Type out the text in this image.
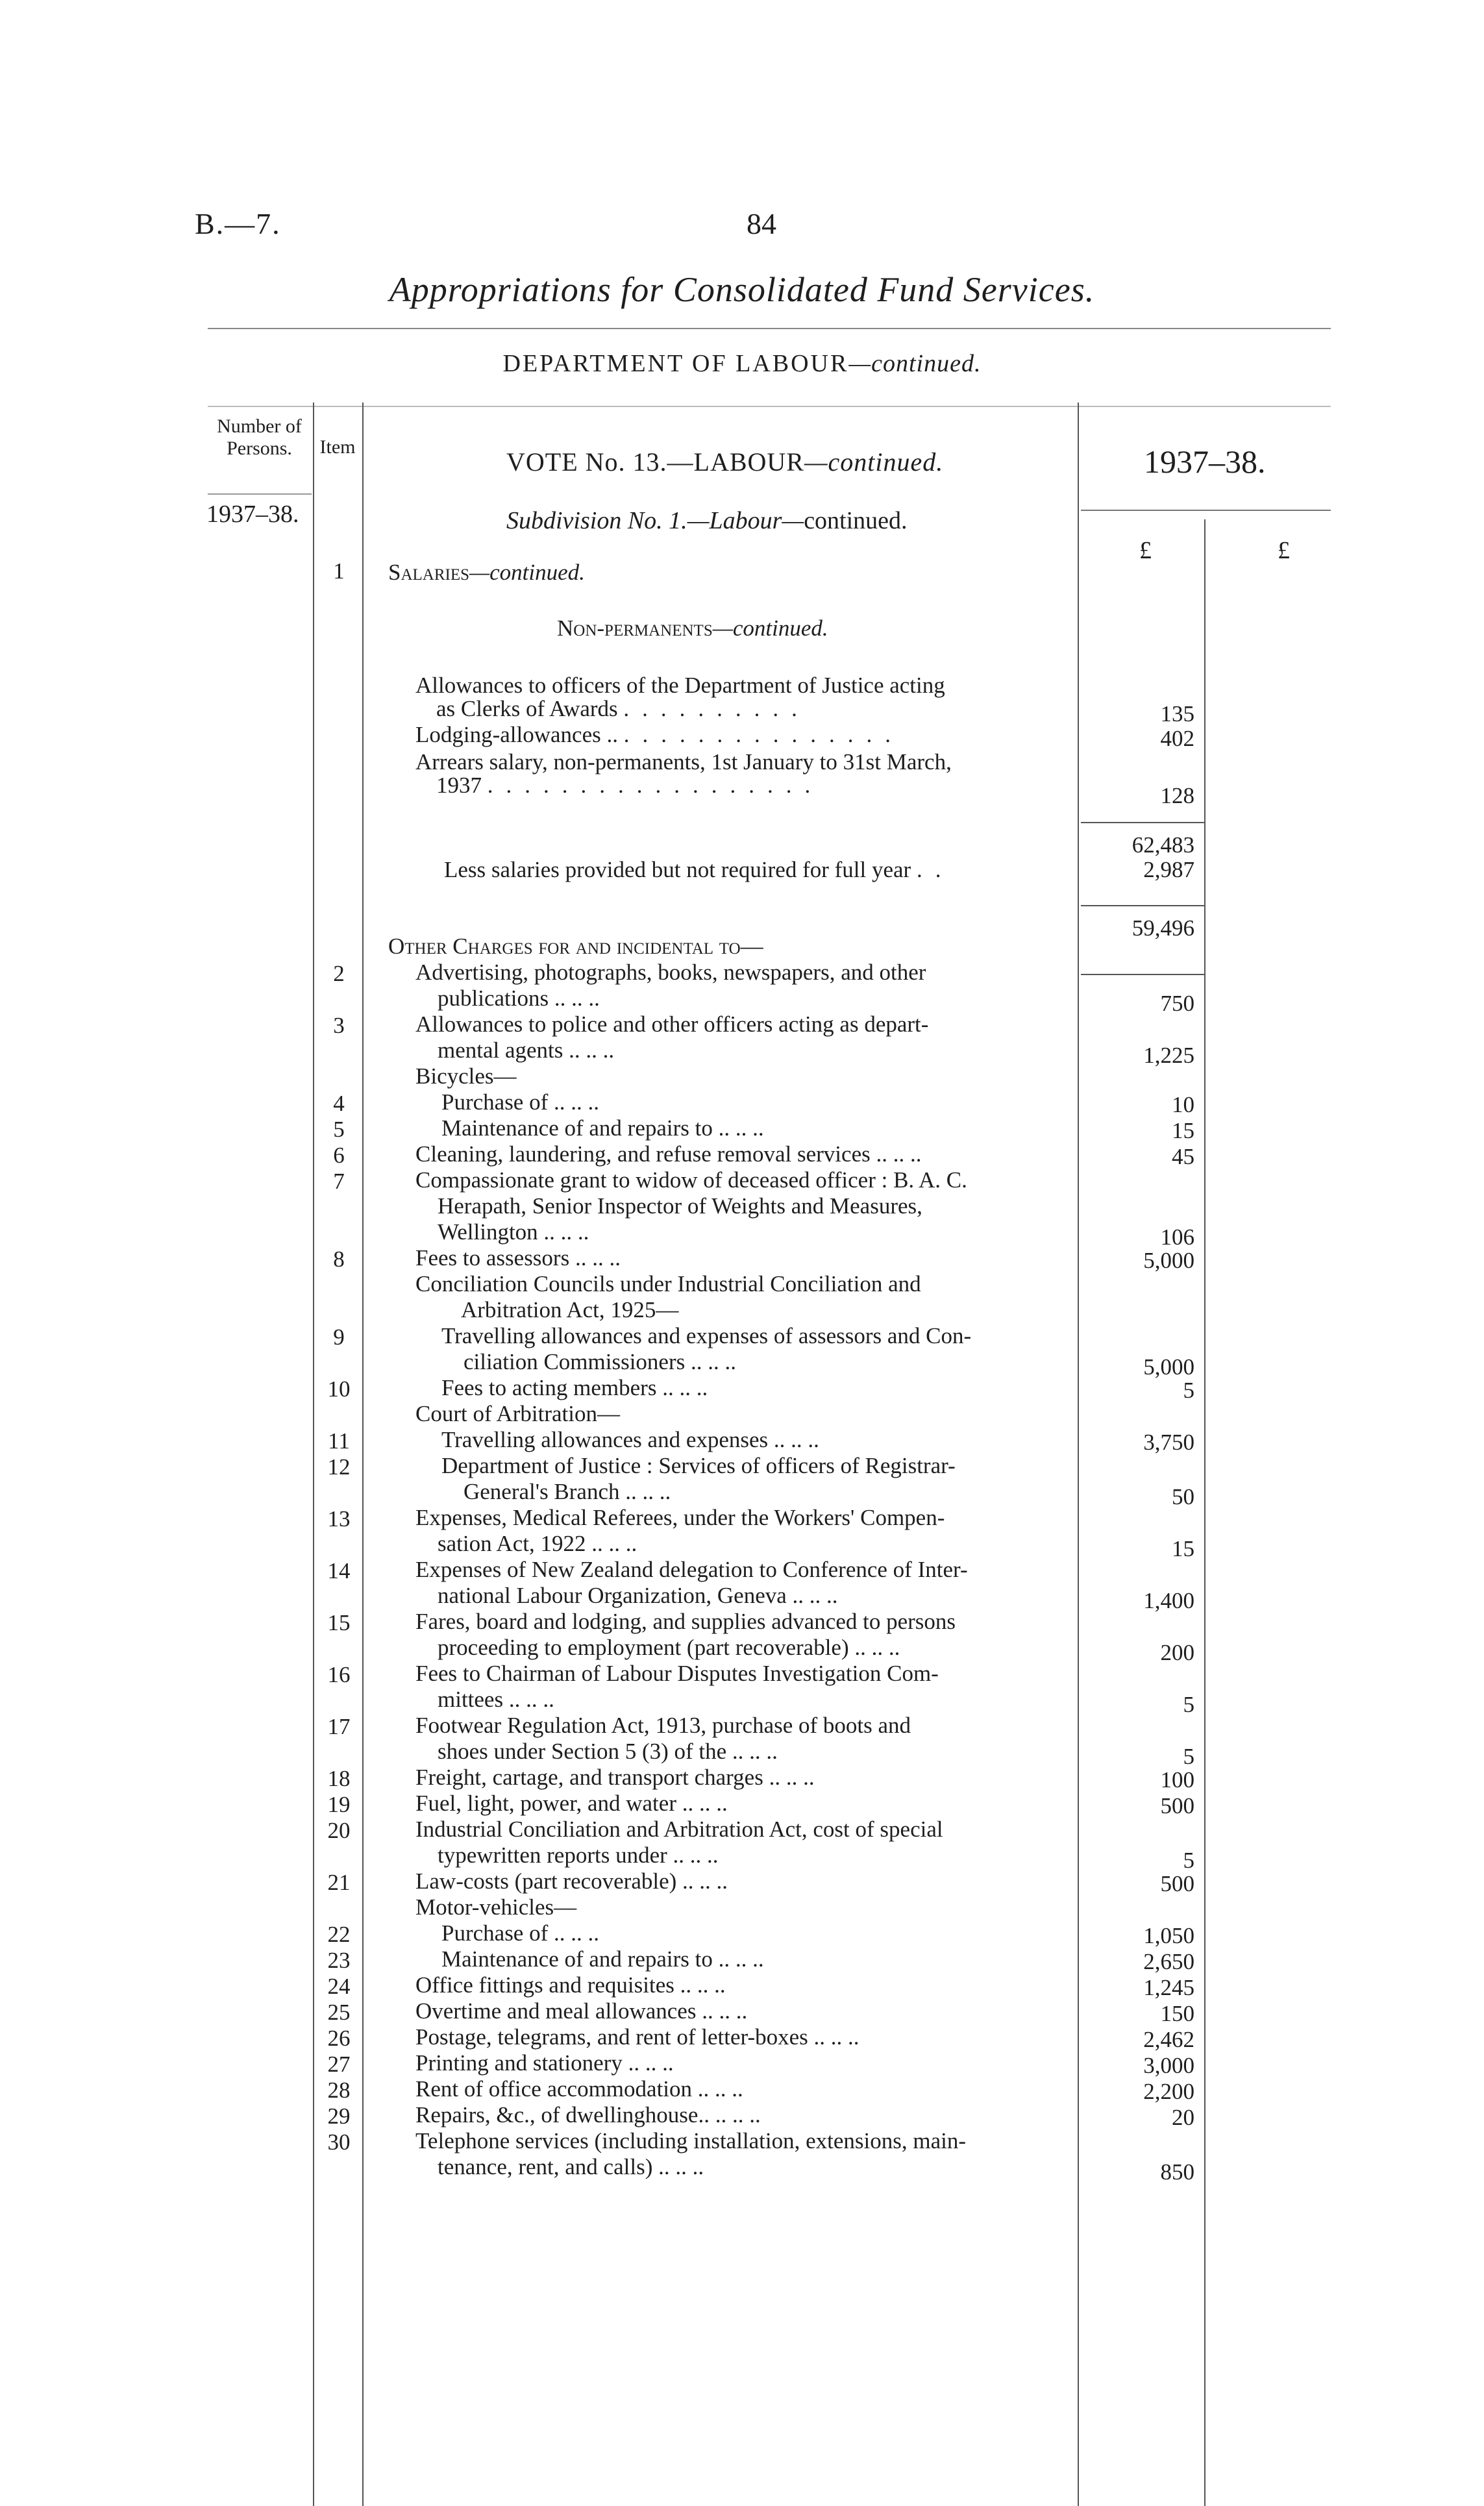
B.—7.	84
Appropriations for Consolidated Fund Services.
DEPARTMENT OF LABOUR—continued.
Number of Persons.	Item
1937–38.
VOTE No. 13.—LABOUR—continued.	1937–38.
£	£
Subdivision No. 1.—Labour—continued.
1	Salaries—continued.
Non-permanents—continued.
Allowances to officers of the Department of Justice acting
as Clerks of Awards ..........	135
Lodging-allowances .. ...............	402
Arrears salary, non-permanents, 1st January to 31st March,
1937 ..................	128
62,483
Less salaries provided but not required for full year ..	2,987
59,496
Other Charges for and incidental to—
2	Advertising, photographs, books, newspapers, and other
publications .. .. ..	750
3	Allowances to police and other officers acting as depart-
mental agents .. .. ..	1,225
Bicycles—
4	Purchase of .. .. ..	10
5	Maintenance of and repairs to .. .. ..	15
6	Cleaning, laundering, and refuse removal services .. .. ..	45
7	Compassionate grant to widow of deceased officer : B. A. C.
Herapath, Senior Inspector of Weights and Measures,
Wellington .. .. ..	106
8	Fees to assessors .. .. ..	5,000
Conciliation Councils under Industrial Conciliation and
Arbitration Act, 1925—
9	Travelling allowances and expenses of assessors and Con-
ciliation Commissioners .. .. ..	5,000
10	Fees to acting members .. .. ..	5
Court of Arbitration—
11	Travelling allowances and expenses .. .. ..	3,750
12	Department of Justice : Services of officers of Registrar-
General's Branch .. .. ..	50
13	Expenses, Medical Referees, under the Workers' Compen-
sation Act, 1922 .. .. ..	15
14	Expenses of New Zealand delegation to Conference of Inter-
national Labour Organization, Geneva .. .. ..	1,400
15	Fares, board and lodging, and supplies advanced to persons
proceeding to employment (part recoverable) .. .. ..	200
16	Fees to Chairman of Labour Disputes Investigation Com-
mittees .. .. ..	5
17	Footwear Regulation Act, 1913, purchase of boots and
shoes under Section 5 (3) of the .. .. ..	5
18	Freight, cartage, and transport charges .. .. ..	100
19	Fuel, light, power, and water .. .. ..	500
20	Industrial Conciliation and Arbitration Act, cost of special
typewritten reports under .. .. ..	5
21	Law-costs (part recoverable) .. .. ..	500
Motor-vehicles—
22	Purchase of .. .. ..	1,050
23	Maintenance of and repairs to .. .. ..	2,650
24	Office fittings and requisites .. .. ..	1,245
25	Overtime and meal allowances .. .. ..	150
26	Postage, telegrams, and rent of letter-boxes .. .. ..	2,462
27	Printing and stationery .. .. ..	3,000
28	Rent of office accommodation .. .. ..	2,200
29	Repairs, &c., of dwellinghouse.. .. .. ..	20
30	Telephone services (including installation, extensions, main-
tenance, rent, and calls) .. .. ..	850
